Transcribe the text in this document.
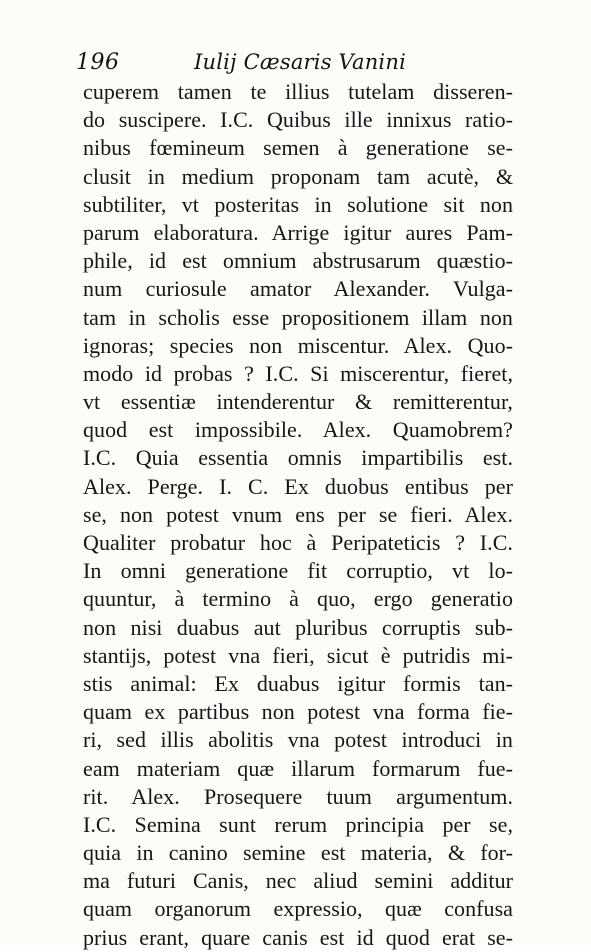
196	Iulij Cæsaris Vanini
cuperem tamen te illius tutelam disseren-
do suscipere. I.C. Quibus ille innixus ratio-
nibus fœmineum semen à generatione se-
clusit in medium proponam tam acutè, &
subtiliter, vt posteritas in solutione sit non
parum elaboratura. Arrige igitur aures Pam-
phile, id est omnium abstrusarum quæstio-
num curiosule amator Alexander. Vulga-
tam in scholis esse propositionem illam non
ignoras; species non miscentur. Alex. Quo-
modo id probas ? I.C. Si miscerentur, fieret,
vt essentiæ intenderentur & remitterentur,
quod est impossibile. Alex. Quamobrem?
I.C. Quia essentia omnis impartibilis est.
Alex. Perge. I. C. Ex duobus entibus per
se, non potest vnum ens per se fieri. Alex.
Qualiter probatur hoc à Peripateticis ? I.C.
In omni generatione fit corruptio, vt lo-
quuntur, à termino à quo, ergo generatio
non nisi duabus aut pluribus corruptis sub-
stantijs, potest vna fieri, sicut è putridis mi-
stis animal: Ex duabus igitur formis tan-
quam ex partibus non potest vna forma fie-
ri, sed illis abolitis vna potest introduci in
eam materiam quæ illarum formarum fue-
rit. Alex. Prosequere tuum argumentum.
I.C. Semina sunt rerum principia per se,
quia in canino semine est materia, & for-
ma futuri Canis, nec aliud semini additur
quam organorum expressio, quæ confusa
prius erant, quare canis est id quod erat se-
